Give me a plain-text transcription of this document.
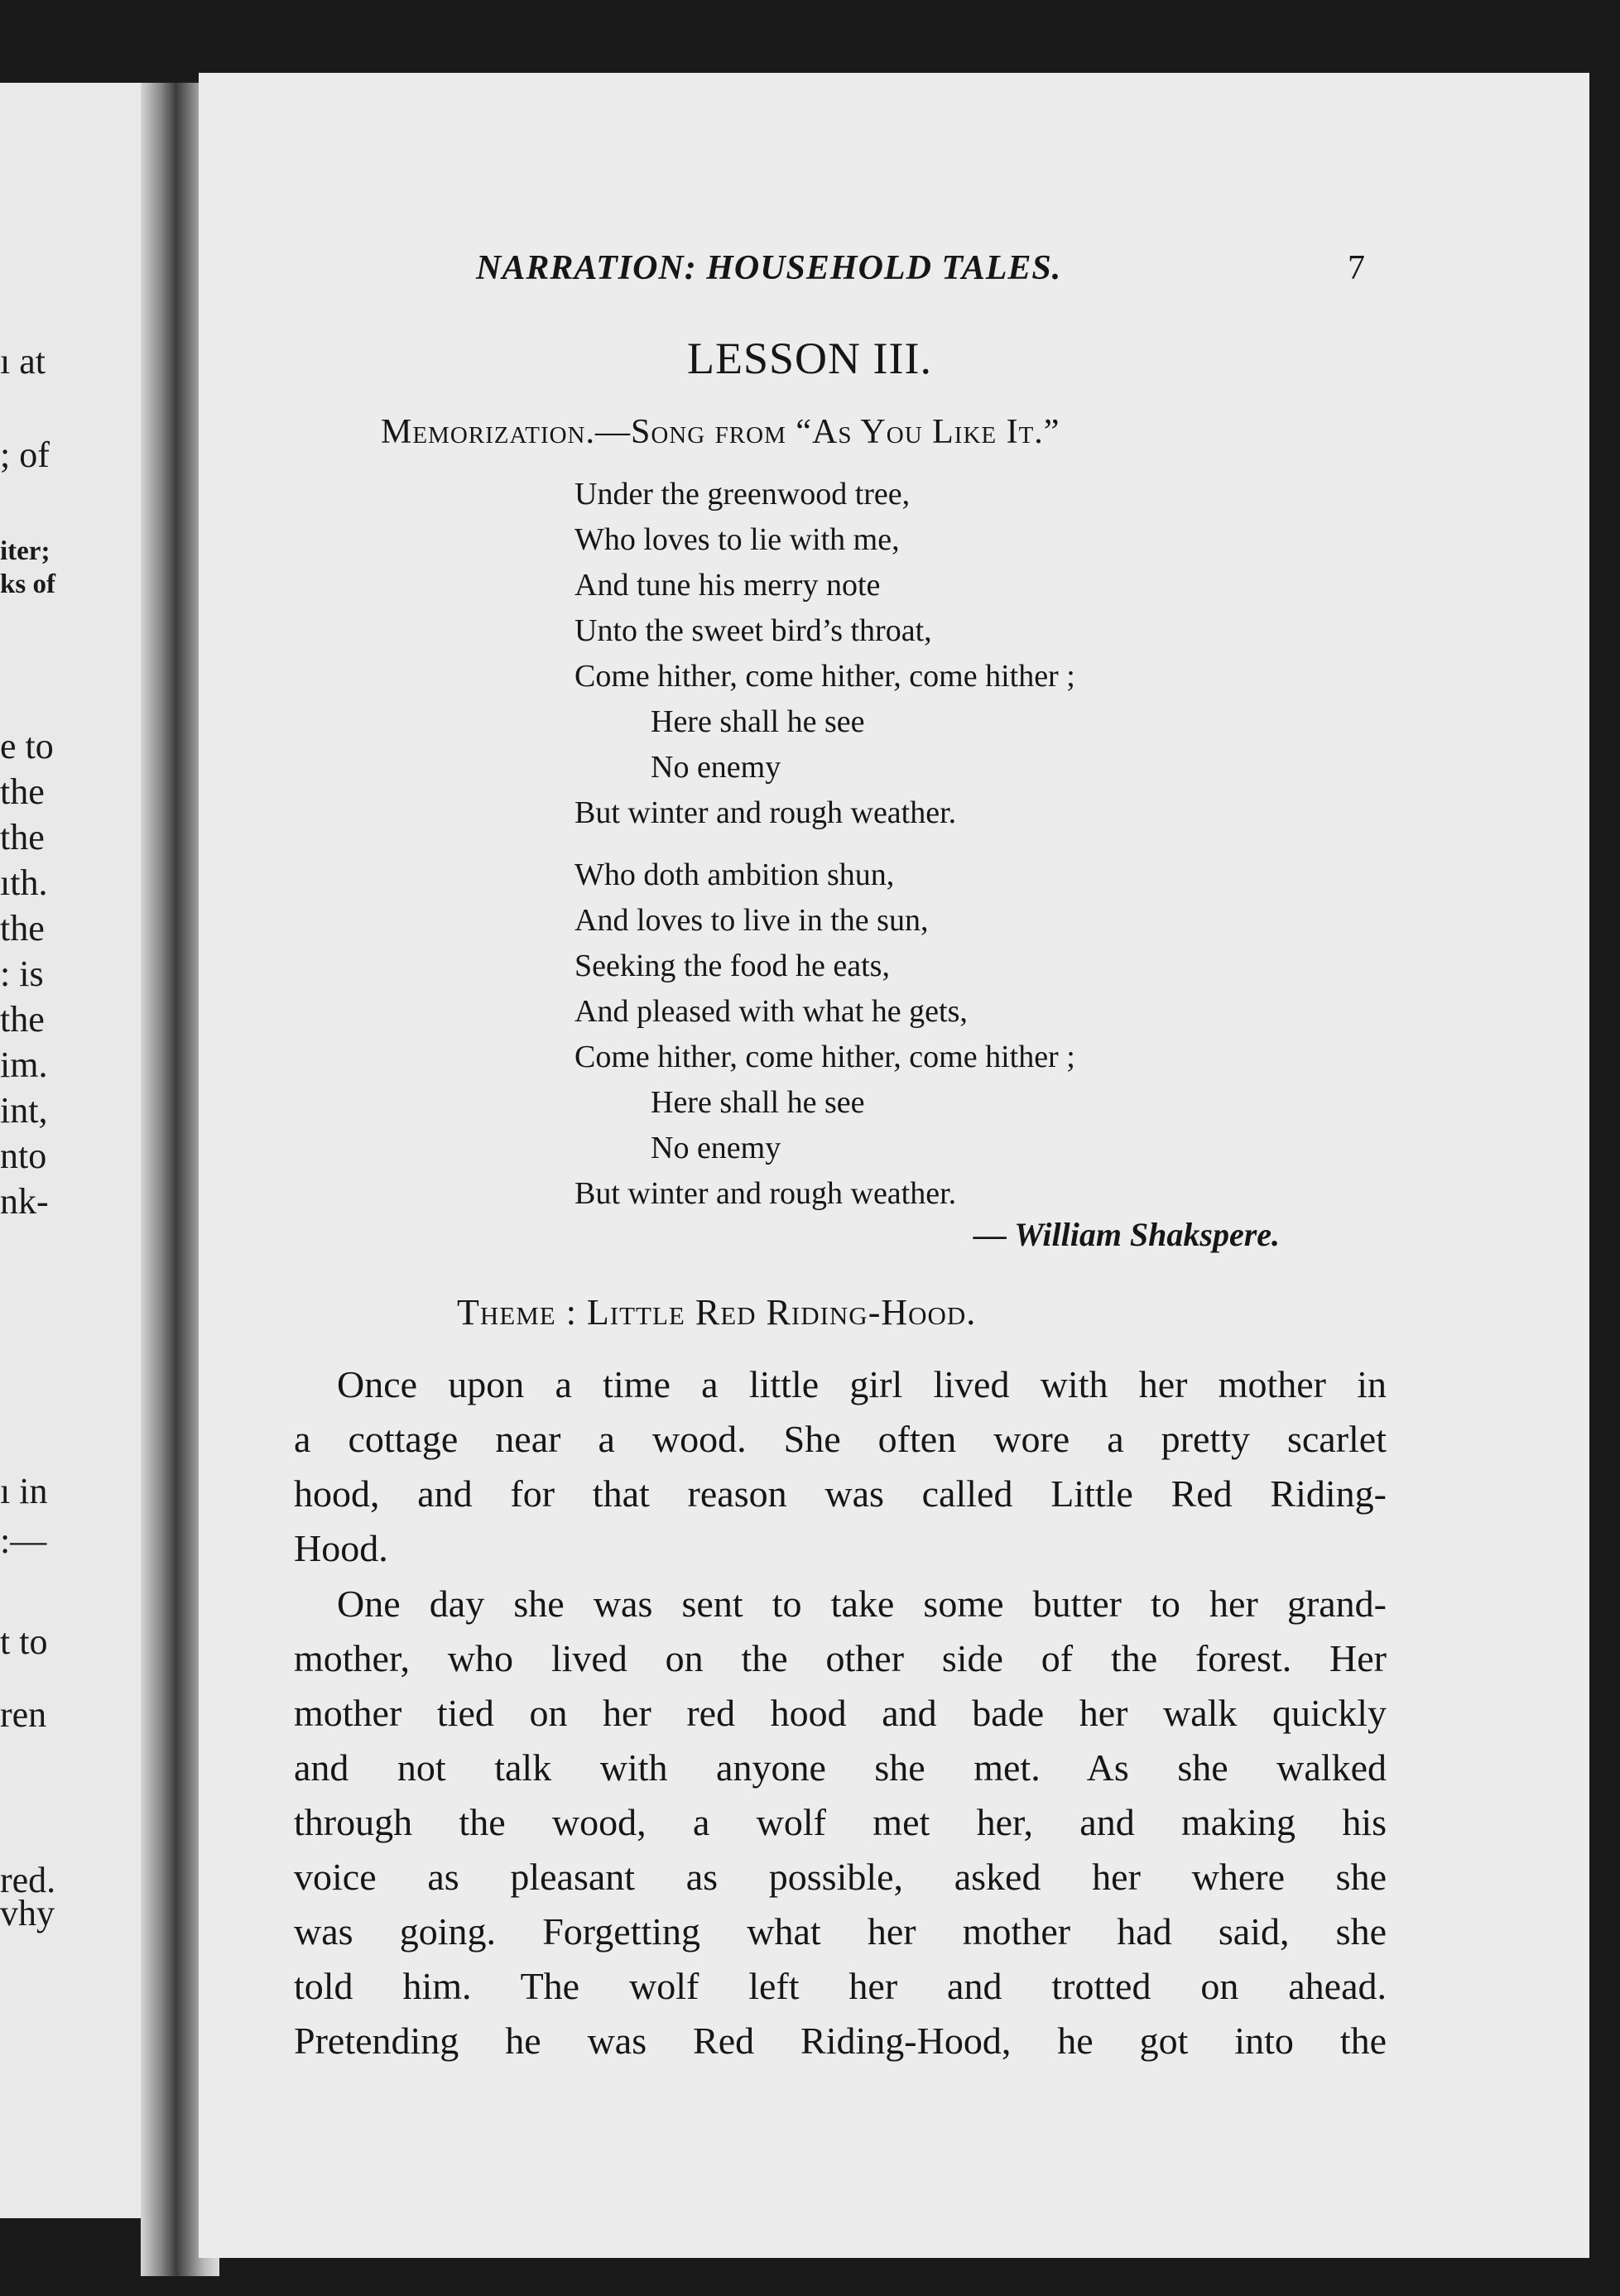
NARRATION: HOUSEHOLD TALES.	7
LESSON III.
Memorization.—Song from “As You Like It.”
Under the greenwood tree,
Who loves to lie with me,
And tune his merry note
Unto the sweet bird’s throat,
Come hither, come hither, come hither ;
Here shall he see
No enemy
But winter and rough weather.
Who doth ambition shun,
And loves to live in the sun,
Seeking the food he eats,
And pleased with what he gets,
Come hither, come hither, come hither ;
Here shall he see
No enemy
But winter and rough weather.
— William Shakspere.
Theme : Little Red Riding-Hood.

Once upon a time a little girl lived with her mother in
a cottage near a wood. She often wore a pretty scarlet
hood, and for that reason was called Little Red Riding-
Hood.

One day she was sent to take some butter to her grand-
mother, who lived on the other side of the forest. Her
mother tied on her red hood and bade her walk quickly
and not talk with anyone she met. As she walked
through the wood, a wolf met her, and making his
voice as pleasant as possible, asked her where she
was going. Forgetting what her mother had said, she
told him. The wolf left her and trotted on ahead.
Pretending he was Red Riding-Hood, he got into the

ı at
; of
iter;
ks of
e to
the
the
ıth.
the
: is
the
im.
int,
nto
nk-
ı in
:—
t to
ren
red.
vhy
